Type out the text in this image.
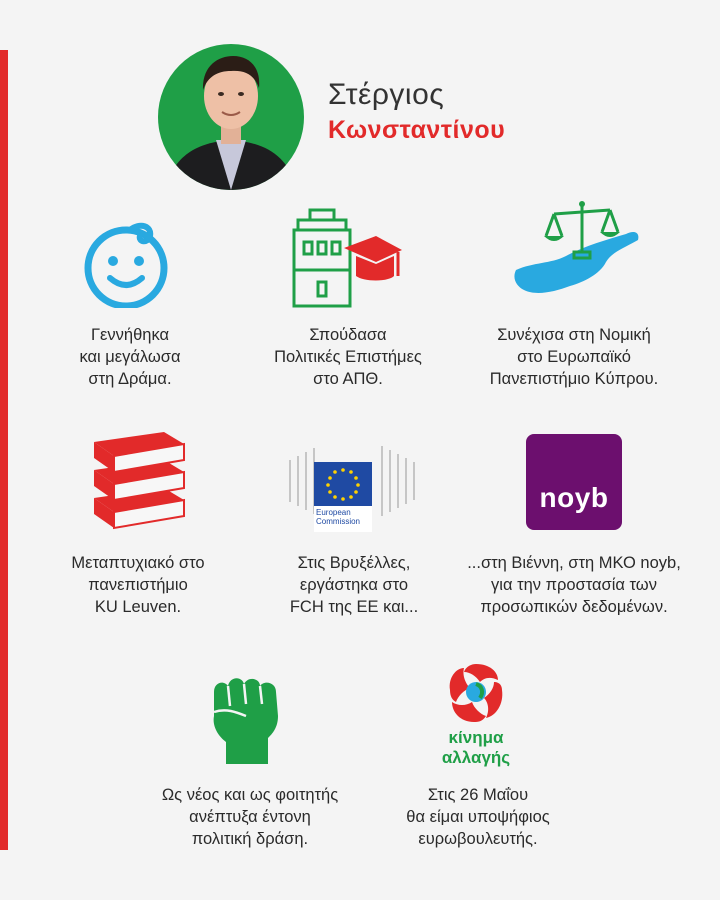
Στέργιος
Κωνσταντίνου
Γεννήθηκα
και μεγάλωσα
στη Δράμα.
Σπούδασα
Πολιτικές Επιστήμες
στο ΑΠΘ.
Συνέχισα στη Νομική
στο Ευρωπαϊκό
Πανεπιστήμιο Κύπρου.
Μεταπτυχιακό στο
πανεπιστήμιο
KU Leuven.
European
Commission
Στις Βρυξέλλες,
εργάστηκα στο
FCH της ΕΕ και...
noyb
...στη Βιέννη, στη ΜΚΟ noyb,
για την προστασία των
προσωπικών δεδομένων.
Ως νέος και ως φοιτητής
ανέπτυξα έντονη
πολιτική δράση.
κίνημα
αλλαγής
Στις 26 Μαΐου
θα είμαι υποψήφιος
ευρωβουλευτής.
